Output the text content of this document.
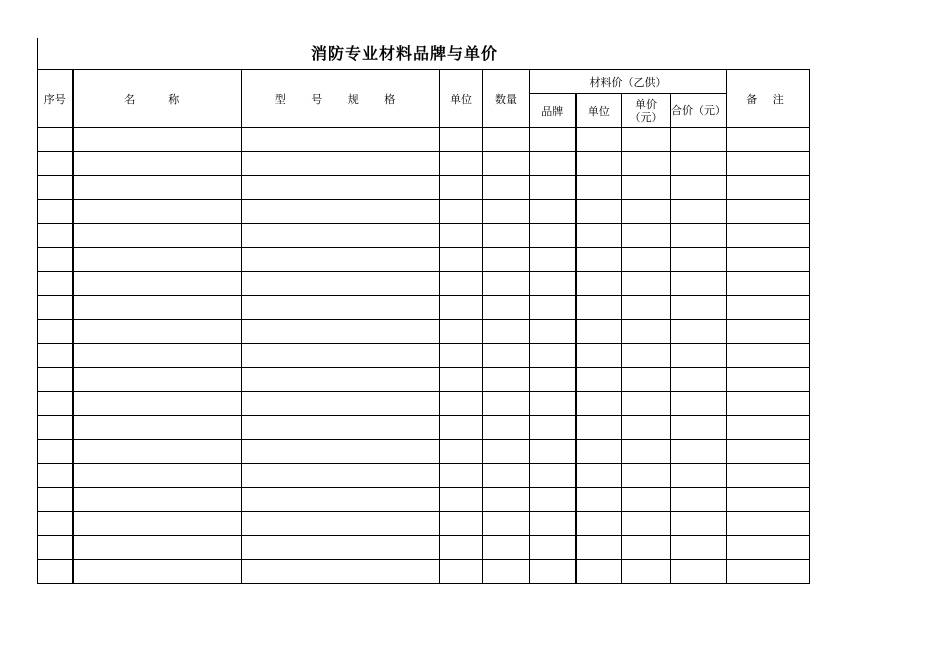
消防专业材料品牌与单价
序号	名　称	型 号 规 格	单位	数量	材料价（乙供）				备 注
					品牌	单位	单价（元）	合价（元）	
